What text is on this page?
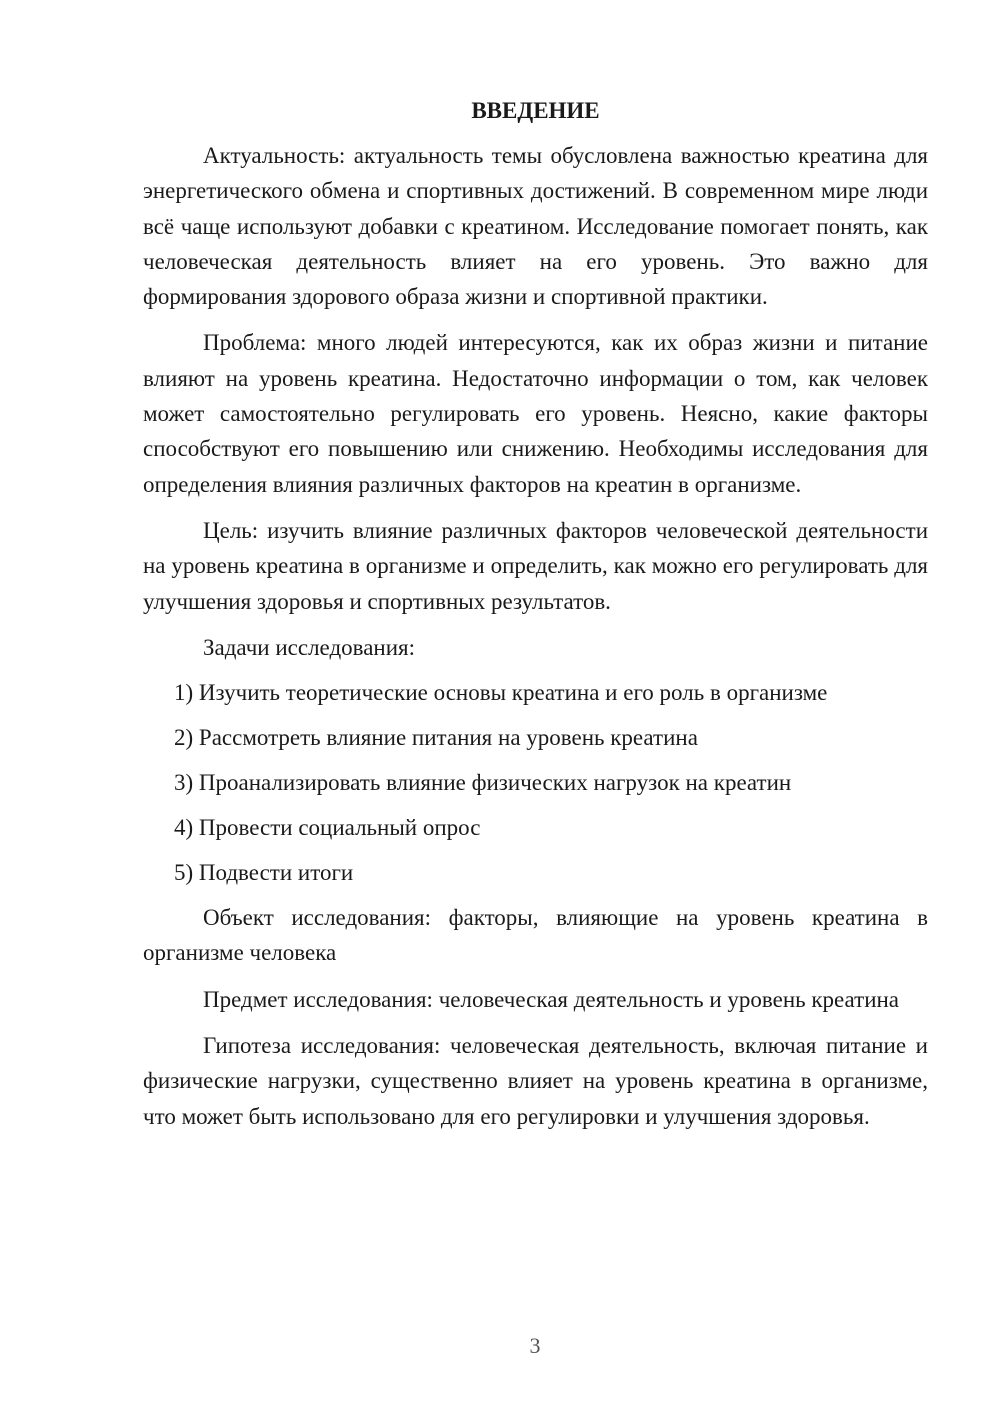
ВВЕДЕНИЕ

Актуальность: актуальность темы обусловлена важностью креатина для энергетического обмена и спортивных достижений. В современном мире люди всё чаще используют добавки с креатином. Исследование помогает понять, как человеческая деятельность влияет на его уровень. Это важно для формирования здорового образа жизни и спортивной практики.

Проблема: много людей интересуются, как их образ жизни и питание влияют на уровень креатина. Недостаточно информации о том, как человек может самостоятельно регулировать его уровень. Неясно, какие факторы способствуют его повышению или снижению. Необходимы исследования для определения влияния различных факторов на креатин в организме.

Цель: изучить влияние различных факторов человеческой деятельности на уровень креатина в организме и определить, как можно его регулировать для улучшения здоровья и спортивных результатов.

Задачи исследования:

1) Изучить теоретические основы креатина и его роль в организме
2) Рассмотреть влияние питания на уровень креатина
3) Проанализировать влияние физических нагрузок на креатин
4) Провести социальный опрос
5) Подвести итоги

Объект исследования: факторы, влияющие на уровень креатина в организме человека

Предмет исследования: человеческая деятельность и уровень креатина

Гипотеза исследования: человеческая деятельность, включая питание и физические нагрузки, существенно влияет на уровень креатина в организме, что может быть использовано для его регулировки и улучшения здоровья.

3
